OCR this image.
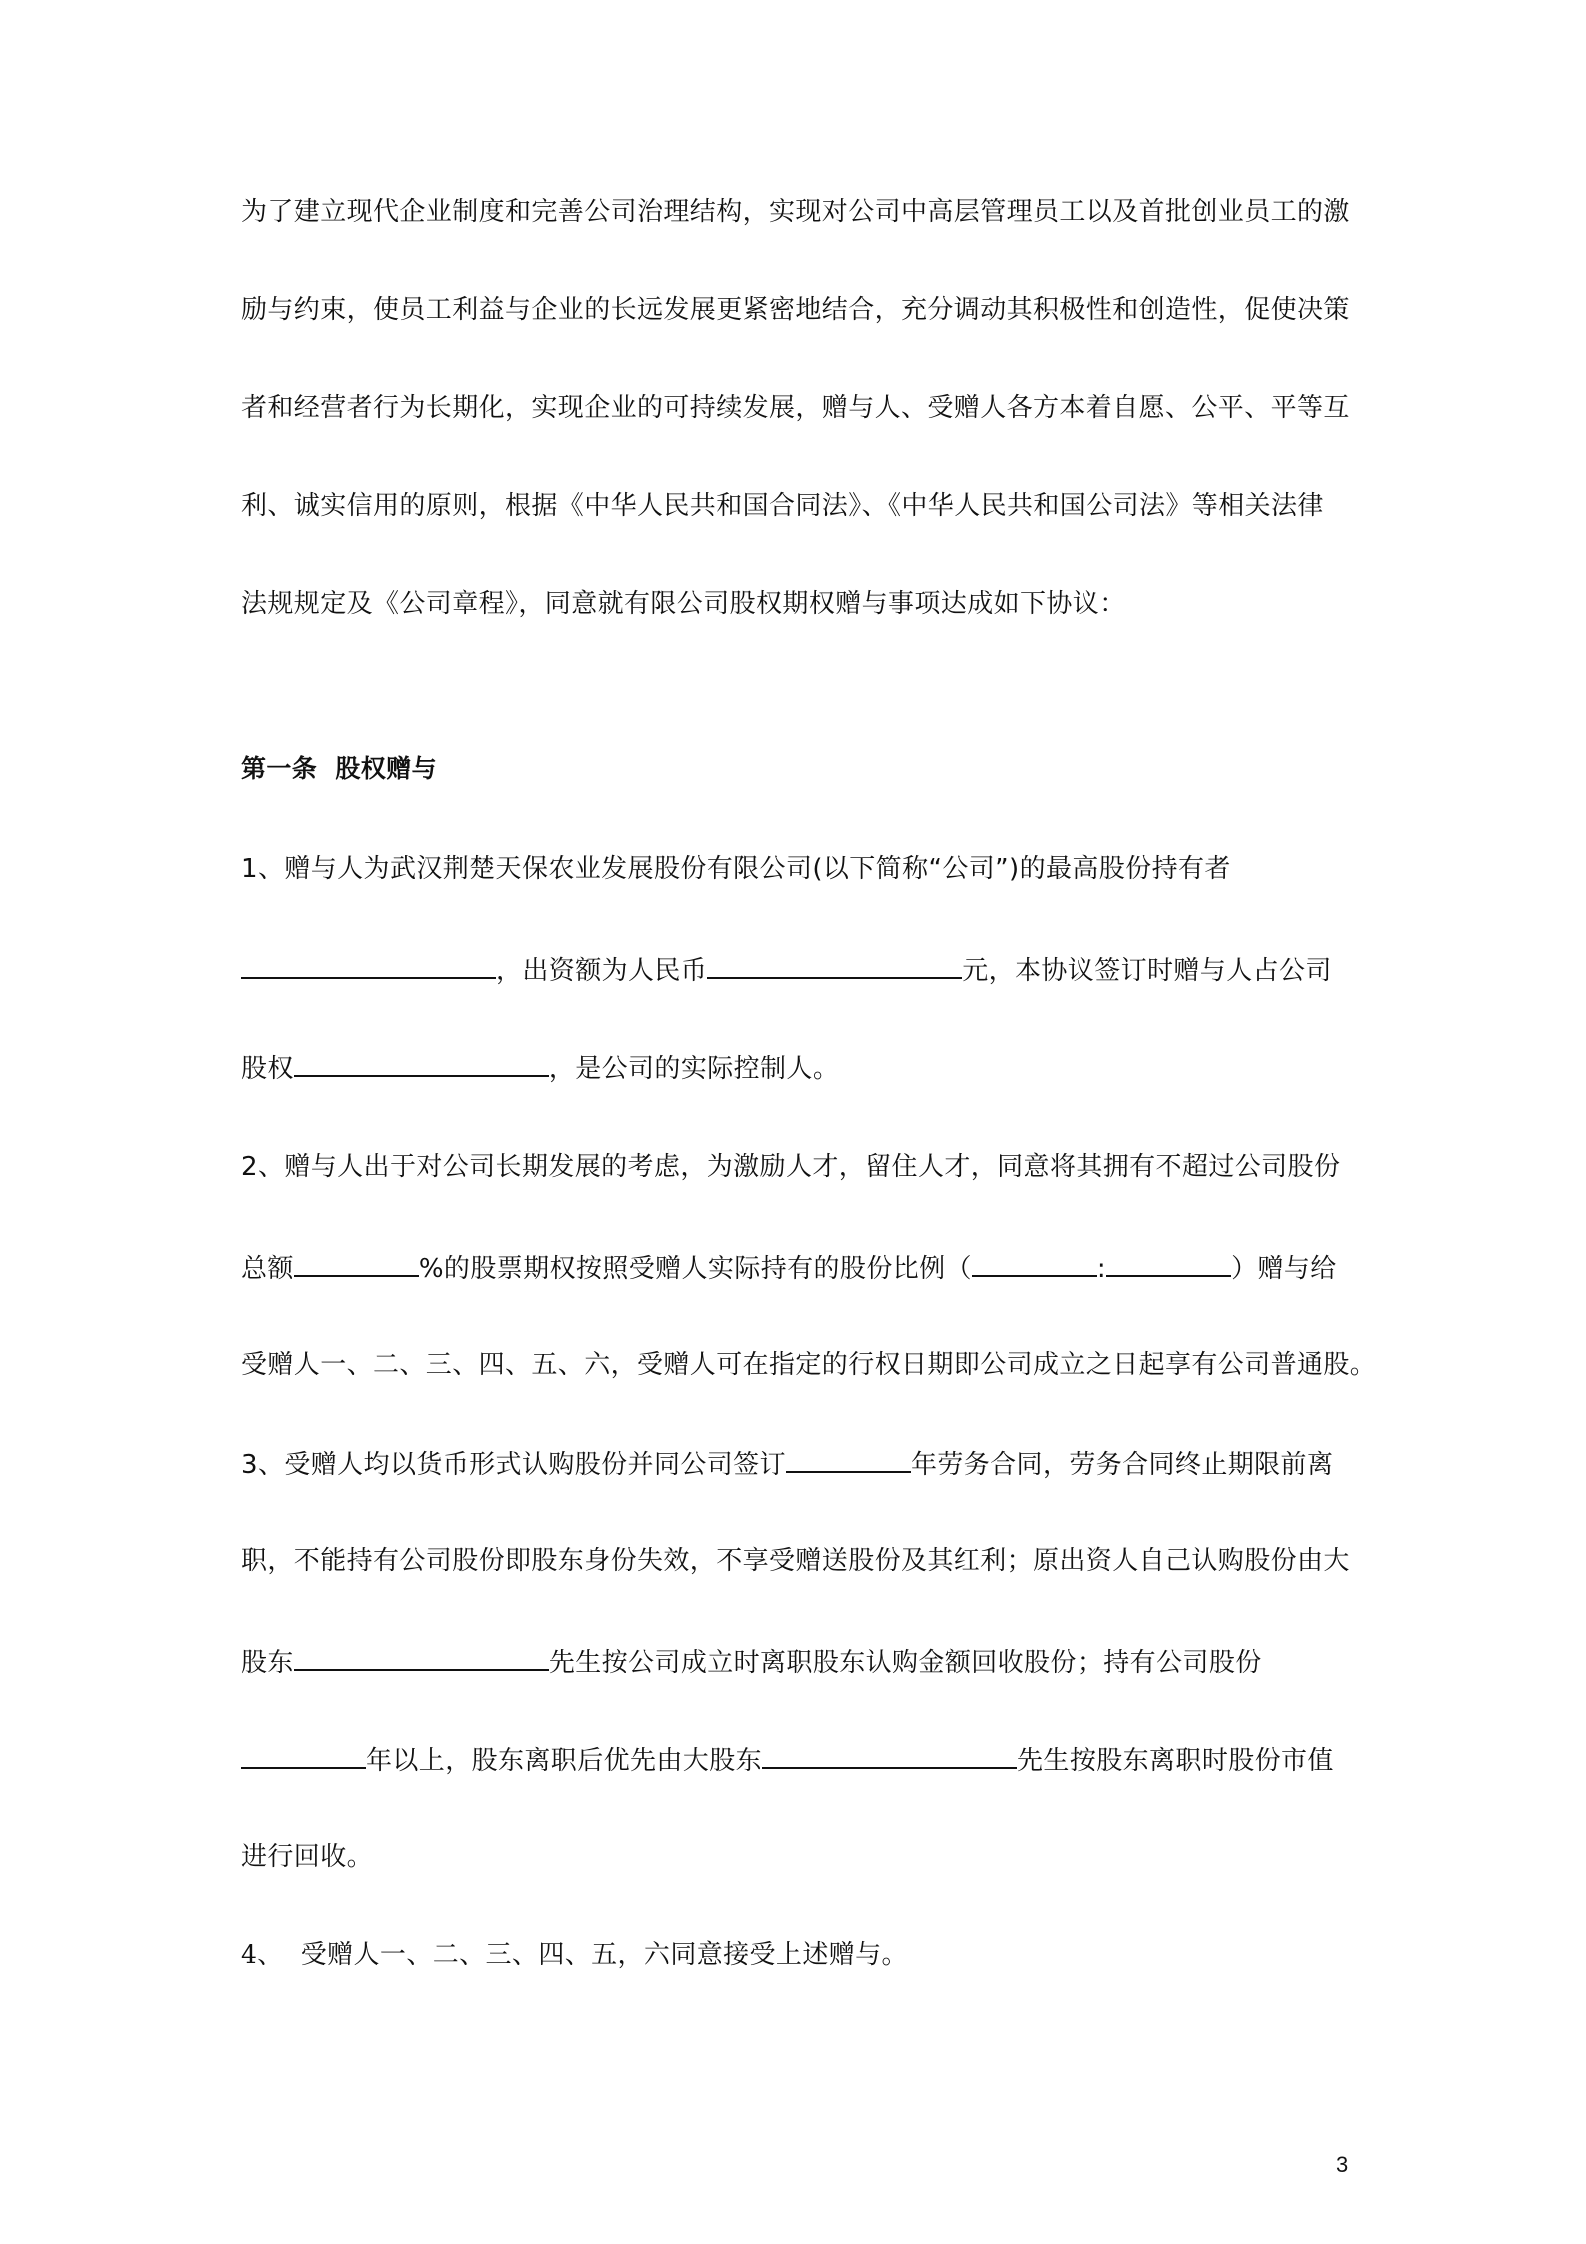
为了建立现代企业制度和完善公司治理结构，实现对公司中高层管理员工以及首批创业员工的激
励与约束，使员工利益与企业的长远发展更紧密地结合，充分调动其积极性和创造性，促使决策
者和经营者行为长期化，实现企业的可持续发展，赠与人、受赠人各方本着自愿、公平、平等互
利、诚实信用的原则，根据《中华人民共和国合同法》、《中华人民共和国公司法》等相关法律
法规规定及《公司章程》，同意就有限公司股权期权赠与事项达成如下协议：
第一条  股权赠与
1、赠与人为武汉荆楚天保农业发展股份有限公司(以下简称“公司”)的最高股份持有者
，出资额为人民币	元，本协议签订时赠与人占公司
股权	，是公司的实际控制人。
2、赠与人出于对公司长期发展的考虑，为激励人才，留住人才，同意将其拥有不超过公司股份
总额	%的股票期权按照受赠人实际持有的股份比例（	:	）赠与给
受赠人一、二、三、四、五、六，受赠人可在指定的行权日期即公司成立之日起享有公司普通股。
3、受赠人均以货币形式认购股份并同公司签订	年劳务合同，劳务合同终止期限前离
职，不能持有公司股份即股东身份失效，不享受赠送股份及其红利；原出资人自己认购股份由大
股东	先生按公司成立时离职股东认购金额回收股份；持有公司股份
年以上，股东离职后优先由大股东	先生按股东离职时股份市值
进行回收。
4、 受赠人一、二、三、四、五，六同意接受上述赠与。
3
